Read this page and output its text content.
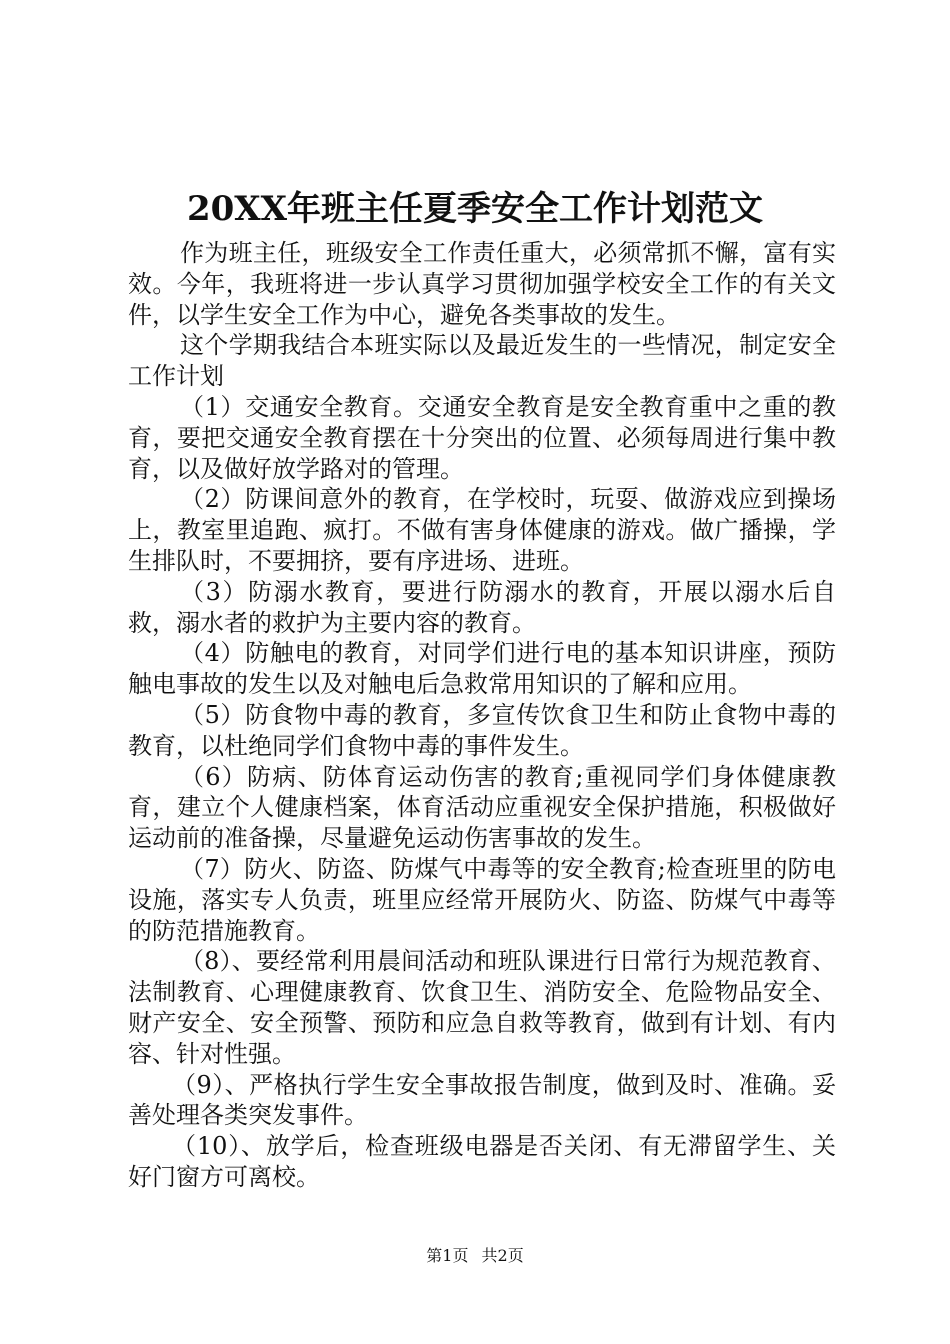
20XX年班主任夏季安全工作计划范文

作为班主任，班级安全工作责任重大，必须常抓不懈，富有实效。今年，我班将进一步认真学习贯彻加强学校安全工作的有关文件，以学生安全工作为中心，避免各类事故的发生。

这个学期我结合本班实际以及最近发生的一些情况，制定安全工作计划

（1）交通安全教育。交通安全教育是安全教育重中之重的教育，要把交通安全教育摆在十分突出的位置、必须每周进行集中教育，以及做好放学路对的管理。

（2）防课间意外的教育，在学校时，玩耍、做游戏应到操场上，教室里追跑、疯打。不做有害身体健康的游戏。做广播操，学生排队时，不要拥挤，要有序进场、进班。

（3）防溺水教育，要进行防溺水的教育，开展以溺水后自救，溺水者的救护为主要内容的教育。

（4）防触电的教育，对同学们进行电的基本知识讲座，预防触电事故的发生以及对触电后急救常用知识的了解和应用。

（5）防食物中毒的教育，多宣传饮食卫生和防止食物中毒的教育，以杜绝同学们食物中毒的事件发生。

（6）防病、防体育运动伤害的教育;重视同学们身体健康教育，建立个人健康档案，体育活动应重视安全保护措施，积极做好运动前的准备操，尽量避免运动伤害事故的发生。

（7）防火、防盗、防煤气中毒等的安全教育;检查班里的防电设施，落实专人负责，班里应经常开展防火、防盗、防煤气中毒等的防范措施教育。

（8）、要经常利用晨间活动和班队课进行日常行为规范教育、法制教育、心理健康教育、饮食卫生、消防安全、危险物品安全、财产安全、安全预警、预防和应急自救等教育，做到有计划、有内容、针对性强。

（9）、严格执行学生安全事故报告制度，做到及时、准确。妥善处理各类突发事件。

（10）、放学后，检查班级电器是否关闭、有无滞留学生、关好门窗方可离校。

第1页 共2页
